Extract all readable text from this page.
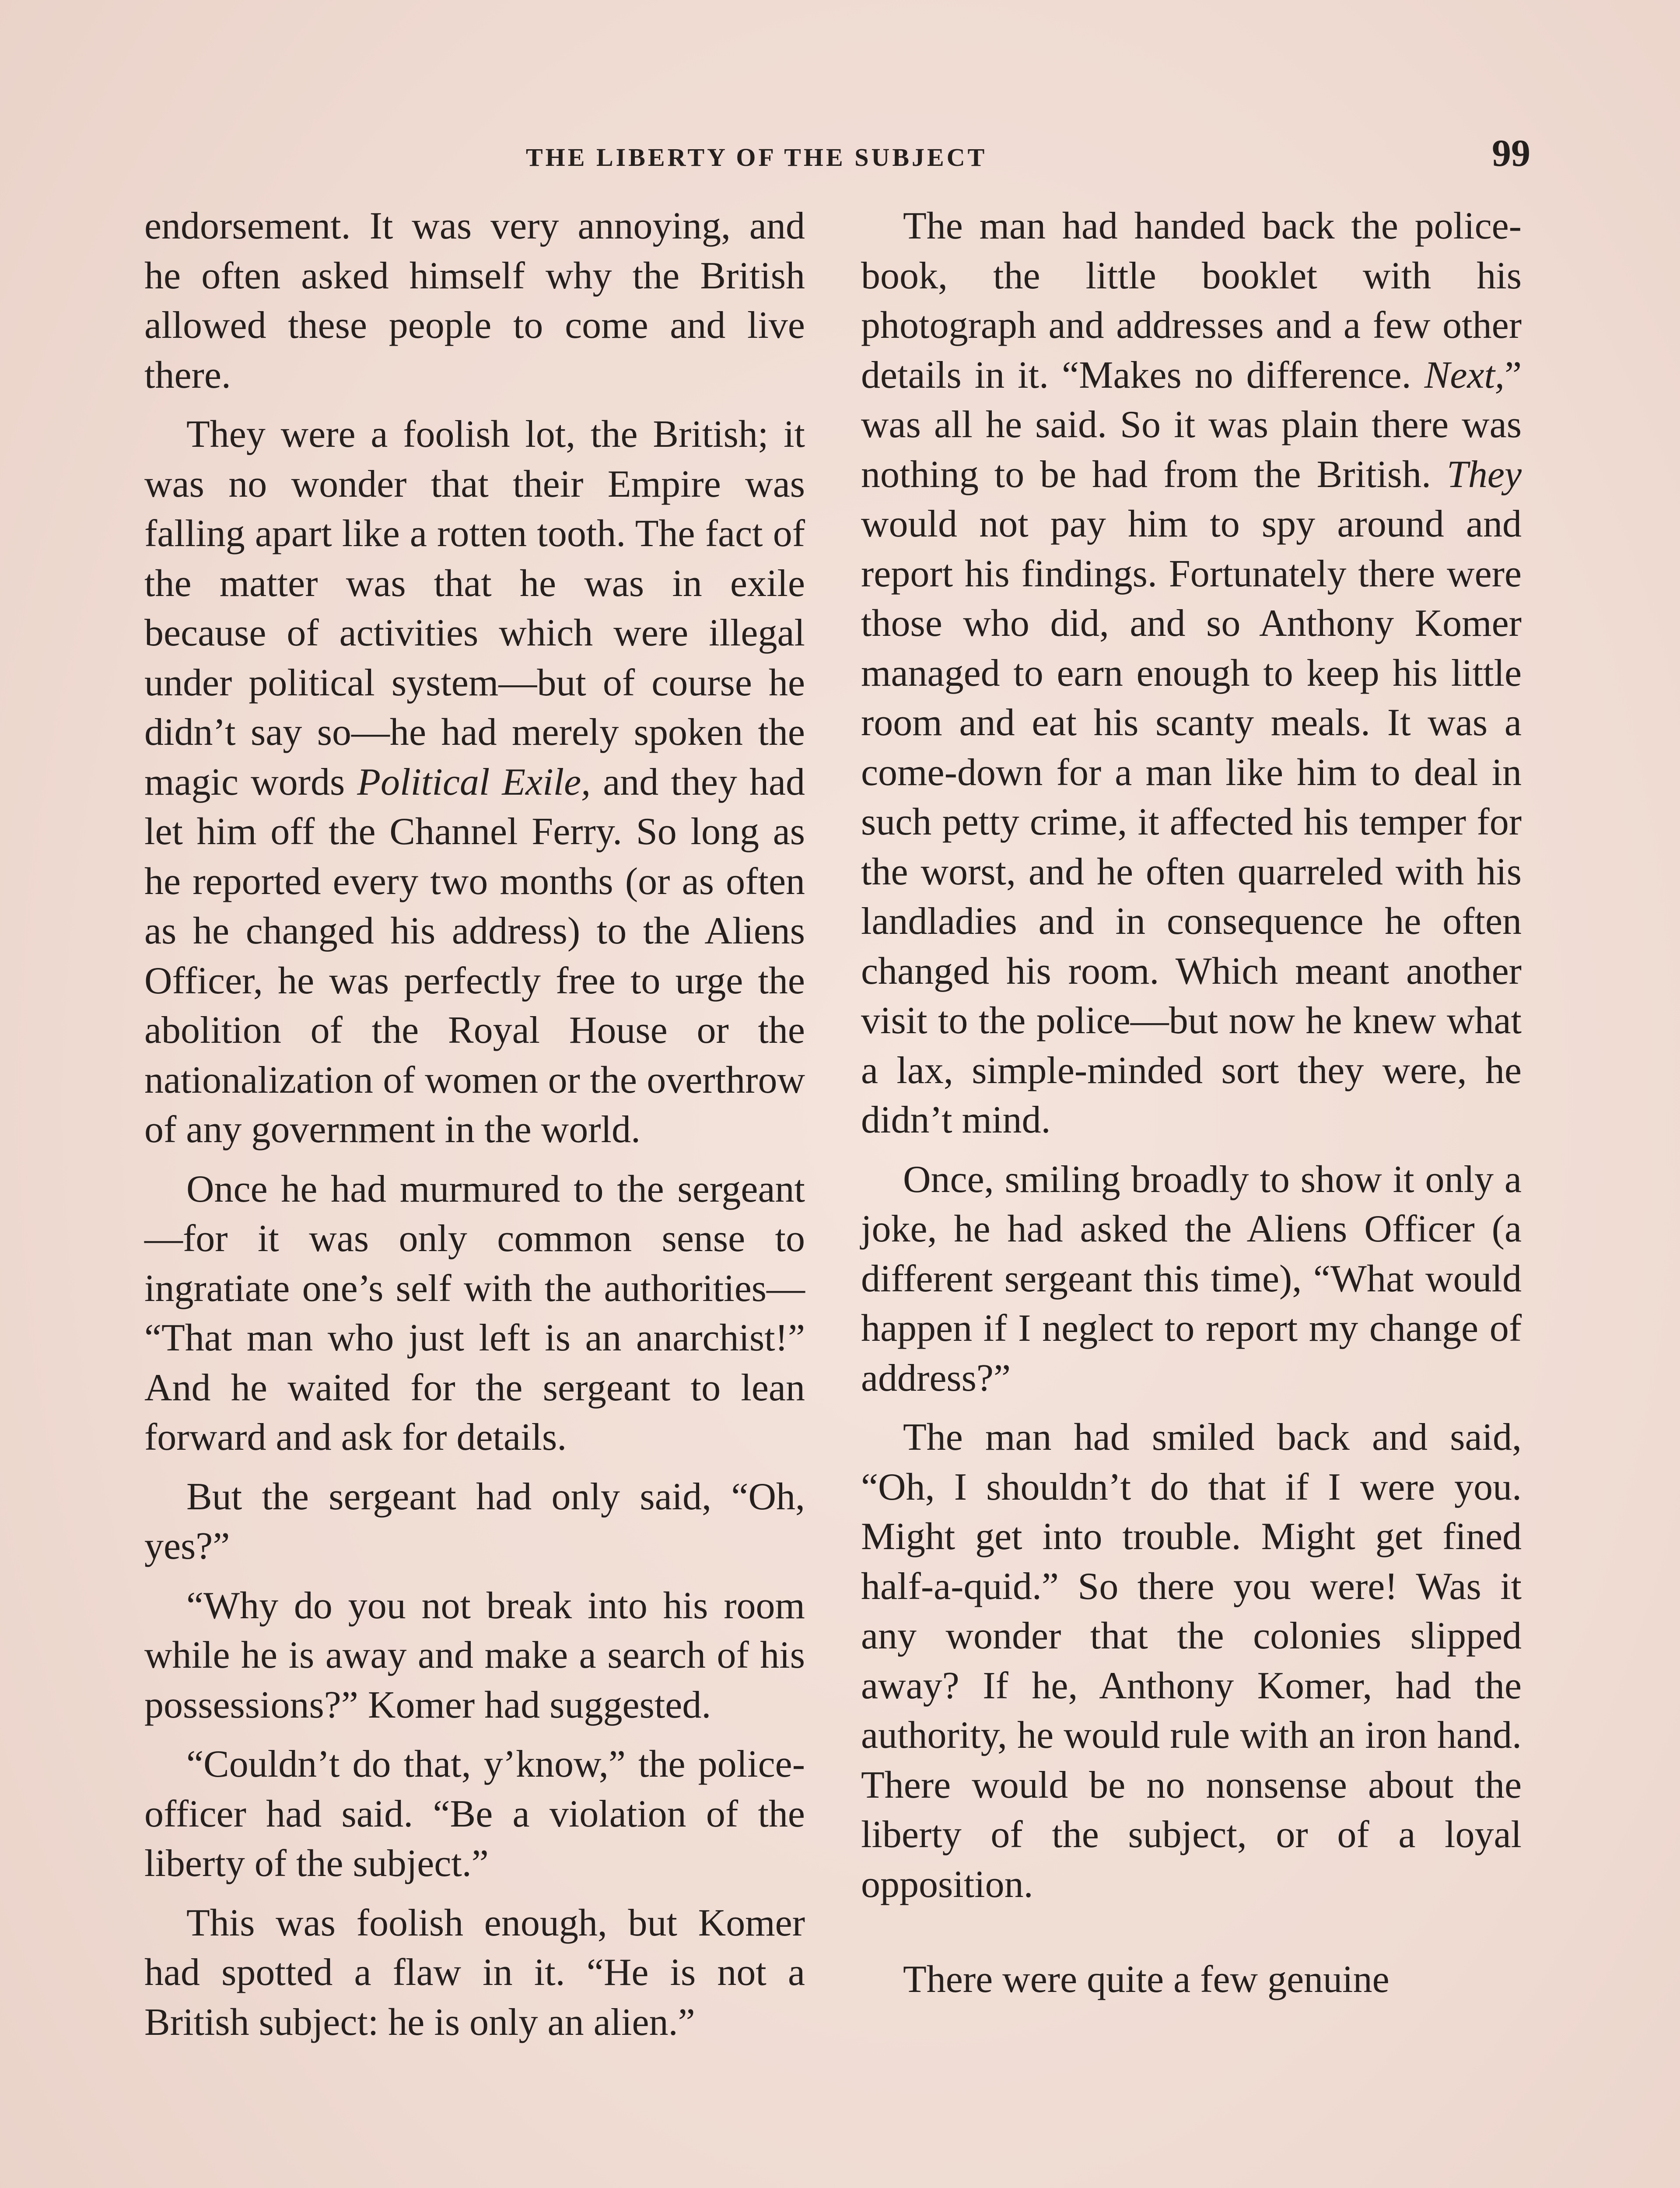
THE LIBERTY OF THE SUBJECT	99

endorsement. It was very annoying, and he often asked himself why the British allowed these people to come and live there.

They were a foolish lot, the British; it was no wonder that their Empire was falling apart like a rotten tooth. The fact of the matter was that he was in exile because of activities which were illegal under political system—but of course he didn’t say so—he had merely spoken the magic words Political Exile, and they had let him off the Channel Ferry. So long as he reported every two months (or as often as he changed his address) to the Aliens Officer, he was perfectly free to urge the abolition of the Royal House or the nationalization of women or the overthrow of any government in the world.

Once he had murmured to the sergeant—for it was only common sense to ingratiate one’s self with the authorities— “That man who just left is an anarchist!” And he waited for the sergeant to lean forward and ask for details.

But the sergeant had only said, “Oh, yes?”

“Why do you not break into his room while he is away and make a search of his possessions?” Komer had suggested.

“Couldn’t do that, y’know,” the police-officer had said. “Be a violation of the liberty of the subject.”

This was foolish enough, but Komer had spotted a flaw in it. “He is not a British subject: he is only an alien.”

The man had handed back the police-book, the little booklet with his photograph and addresses and a few other details in it. “Makes no difference. Next,” was all he said. So it was plain there was nothing to be had from the British. They would not pay him to spy around and report his findings. Fortunately there were those who did, and so Anthony Komer managed to earn enough to keep his little room and eat his scanty meals. It was a come-down for a man like him to deal in such petty crime, it affected his temper for the worst, and he often quarreled with his landladies and in consequence he often changed his room. Which meant another visit to the police—but now he knew what a lax, simple-minded sort they were, he didn’t mind.

Once, smiling broadly to show it only a joke, he had asked the Aliens Officer (a different sergeant this time), “What would happen if I neglect to report my change of address?”

The man had smiled back and said, “Oh, I shouldn’t do that if I were you. Might get into trouble. Might get fined half-a-quid.” So there you were! Was it any wonder that the colonies slipped away? If he, Anthony Komer, had the authority, he would rule with an iron hand. There would be no nonsense about the liberty of the subject, or of a loyal opposition.

There were quite a few genuine
